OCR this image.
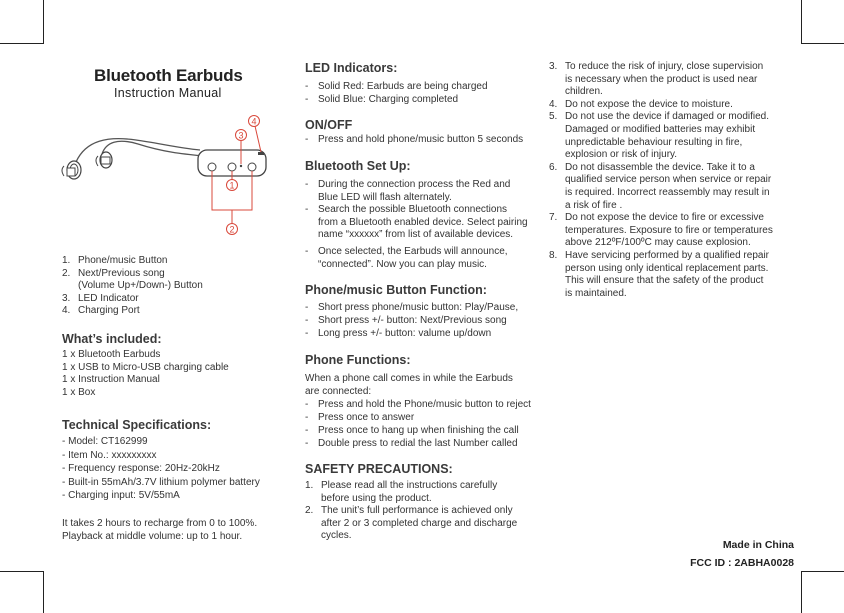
Bluetooth Earbuds
Instruction Manual
1
2
3
4
1. Phone/music Button
2. Next/Previous song
(Volume Up+/Down-) Button
3. LED Indicator
4. Charging Port
What’s included:
1 x Bluetooth Earbuds
1 x USB to Micro-USB charging cable
1 x Instruction Manual
1 x Box
Technical Specifications:
- Model: CT162999
- Item No.: xxxxxxxxx
- Frequency response: 20Hz-20kHz
- Built-in 55mAh/3.7V lithium polymer battery
- Charging input: 5V/55mA
It takes 2 hours to recharge from 0 to 100%.
Playback at middle volume: up to 1 hour.
LED Indicators:
- Solid Red: Earbuds are being charged
- Solid Blue: Charging completed
ON/OFF
- Press and hold phone/music button 5 seconds
Bluetooth Set Up:
- During the connection process the Red and
Blue LED will flash alternately.
- Search the possible Bluetooth connections
from a Bluetooth enabled device. Select pairing
name “xxxxxx” from list of available devices.
- Once selected, the Earbuds will announce,
“connected”. Now you can play music.
Phone/music Button Function:
- Short press phone/music button: Play/Pause,
- Short press +/- button: Next/Previous song
- Long press +/- button: valume up/down
Phone Functions:
When a phone call comes in while the Earbuds
are connected:
- Press and hold the Phone/music button to reject
- Press once to answer
- Press once to hang up when finishing the call
- Double press to redial the last Number called
SAFETY PRECAUTIONS:
1. Please read all the instructions carefully
before using the product.
2. The unit’s full performance is achieved only
after 2 or 3 completed charge and discharge
cycles.
3. To reduce the risk of injury, close supervision
is necessary when the product is used near
children.
4. Do not expose the device to moisture.
5. Do not use the device if damaged or modified.
Damaged or modified batteries may exhibit
unpredictable behaviour resulting in fire,
explosion or risk of injury.
6. Do not disassemble the device. Take it to a
qualified service person when service or repair
is required. Incorrect reassembly may result in
a risk of fire .
7. Do not expose the device to fire or excessive
temperatures. Exposure to fire or temperatures
above 212ºF/100ºC may cause explosion.
8. Have servicing performed by a qualified repair
person using only identical replacement parts.
This will ensure that the safety of the product
is maintained.
Made in China
FCC ID : 2ABHA0028
